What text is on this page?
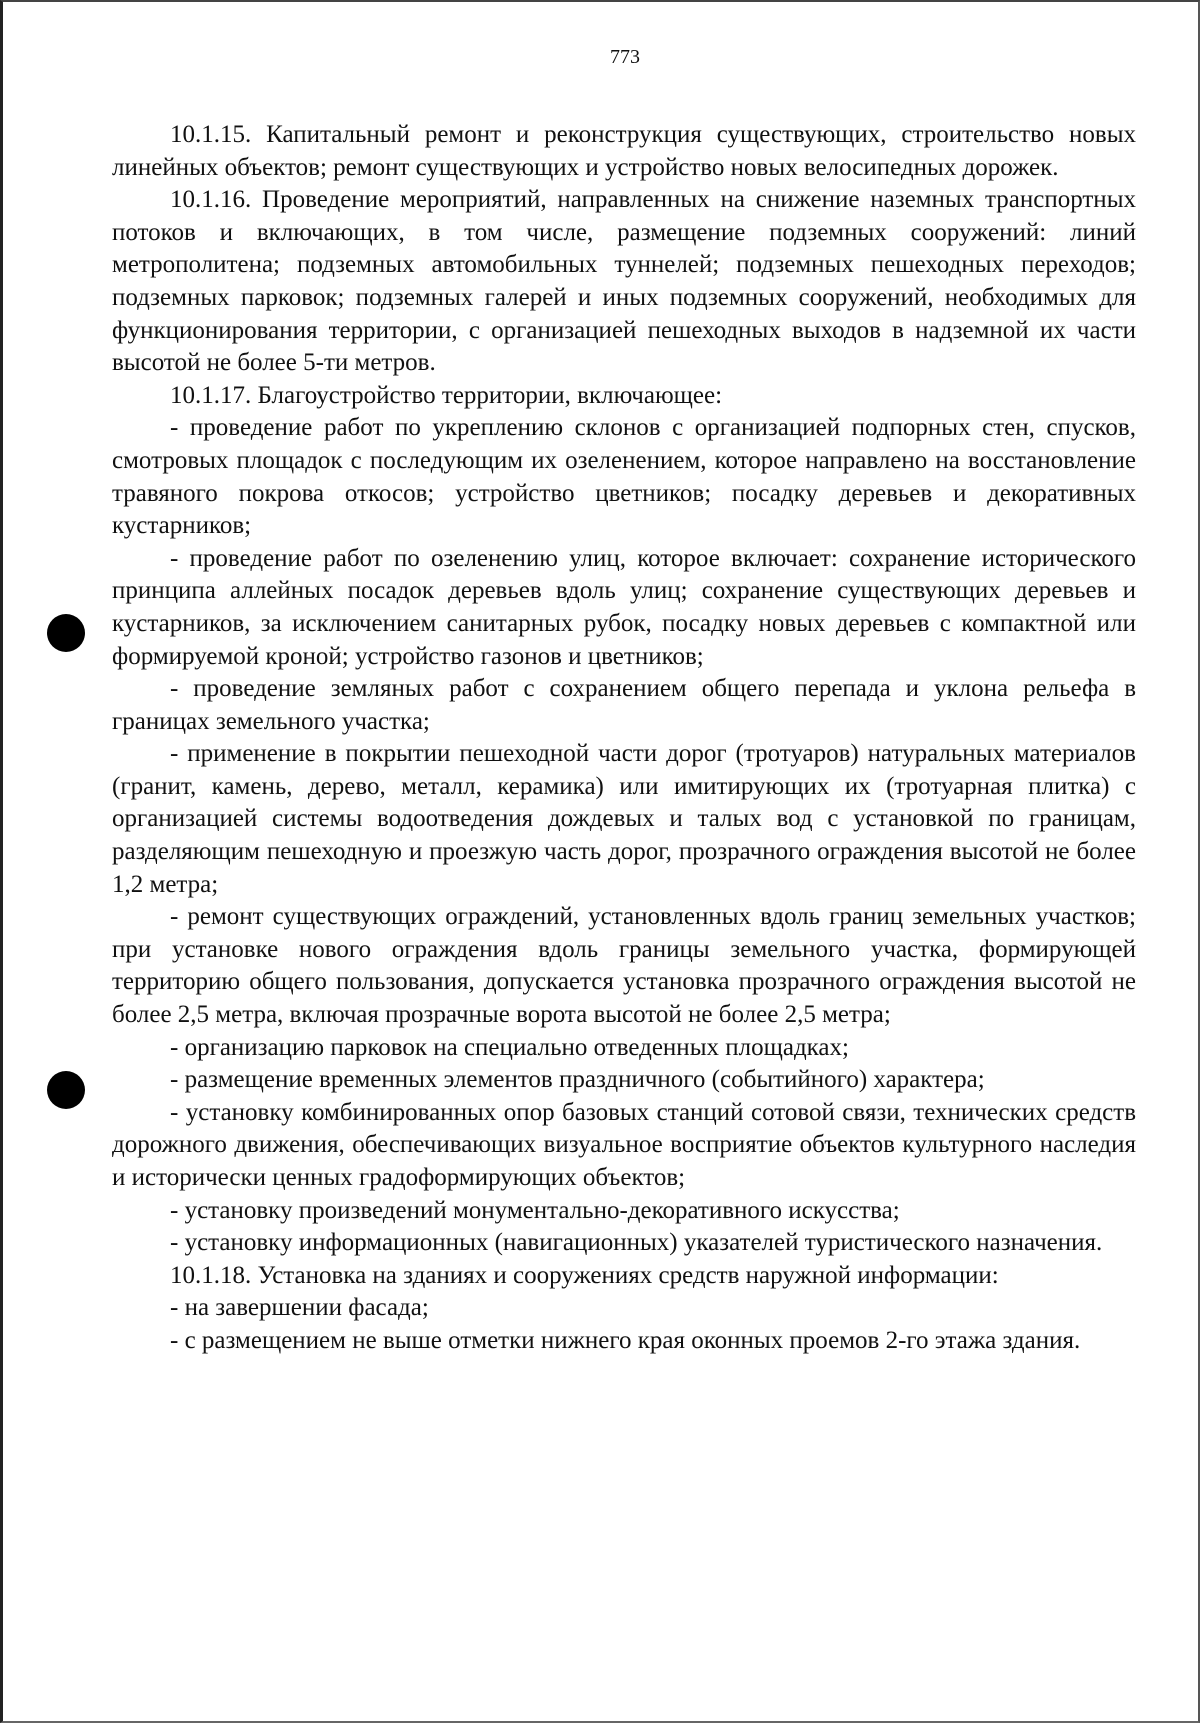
773

10.1.15. Капитальный ремонт и реконструкция существующих, строительство новых линейных объектов; ремонт существующих и устройство новых велосипедных дорожек.

10.1.16. Проведение мероприятий, направленных на снижение наземных транспортных потоков и включающих, в том числе, размещение подземных сооружений: линий метрополитена; подземных автомобильных туннелей; подземных пешеходных переходов; подземных парковок; подземных галерей и иных подземных сооружений, необходимых для функционирования территории, с организацией пешеходных выходов в надземной их части высотой не более 5-ти метров.

10.1.17. Благоустройство территории, включающее:

- проведение работ по укреплению склонов с организацией подпорных стен, спусков, смотровых площадок с последующим их озеленением, которое направлено на восстановление травяного покрова откосов; устройство цветников; посадку деревьев и декоративных кустарников;

- проведение работ по озеленению улиц, которое включает: сохранение исторического принципа аллейных посадок деревьев вдоль улиц; сохранение существующих деревьев и кустарников, за исключением санитарных рубок, посадку новых деревьев с компактной или формируемой кроной; устройство газонов и цветников;

- проведение земляных работ с сохранением общего перепада и уклона рельефа в границах земельного участка;

- применение в покрытии пешеходной части дорог (тротуаров) натуральных материалов (гранит, камень, дерево, металл, керамика) или имитирующих их (тротуарная плитка) с организацией системы водоотведения дождевых и талых вод с установкой по границам, разделяющим пешеходную и проезжую часть дорог, прозрачного ограждения высотой не более 1,2 метра;

- ремонт существующих ограждений, установленных вдоль границ земельных участков; при установке нового ограждения вдоль границы земельного участка, формирующей территорию общего пользования, допускается установка прозрачного ограждения высотой не более 2,5 метра, включая прозрачные ворота высотой не более 2,5 метра;

- организацию парковок на специально отведенных площадках;

- размещение временных элементов праздничного (событийного) характера;

- установку комбинированных опор базовых станций сотовой связи, технических средств дорожного движения, обеспечивающих визуальное восприятие объектов культурного наследия и исторически ценных градоформирующих объектов;

- установку произведений монументально-декоративного искусства;

- установку информационных (навигационных) указателей туристического назначения.

10.1.18. Установка на зданиях и сооружениях средств наружной информации:

- на завершении фасада;

- с размещением не выше отметки нижнего края оконных проемов 2-го этажа здания.
